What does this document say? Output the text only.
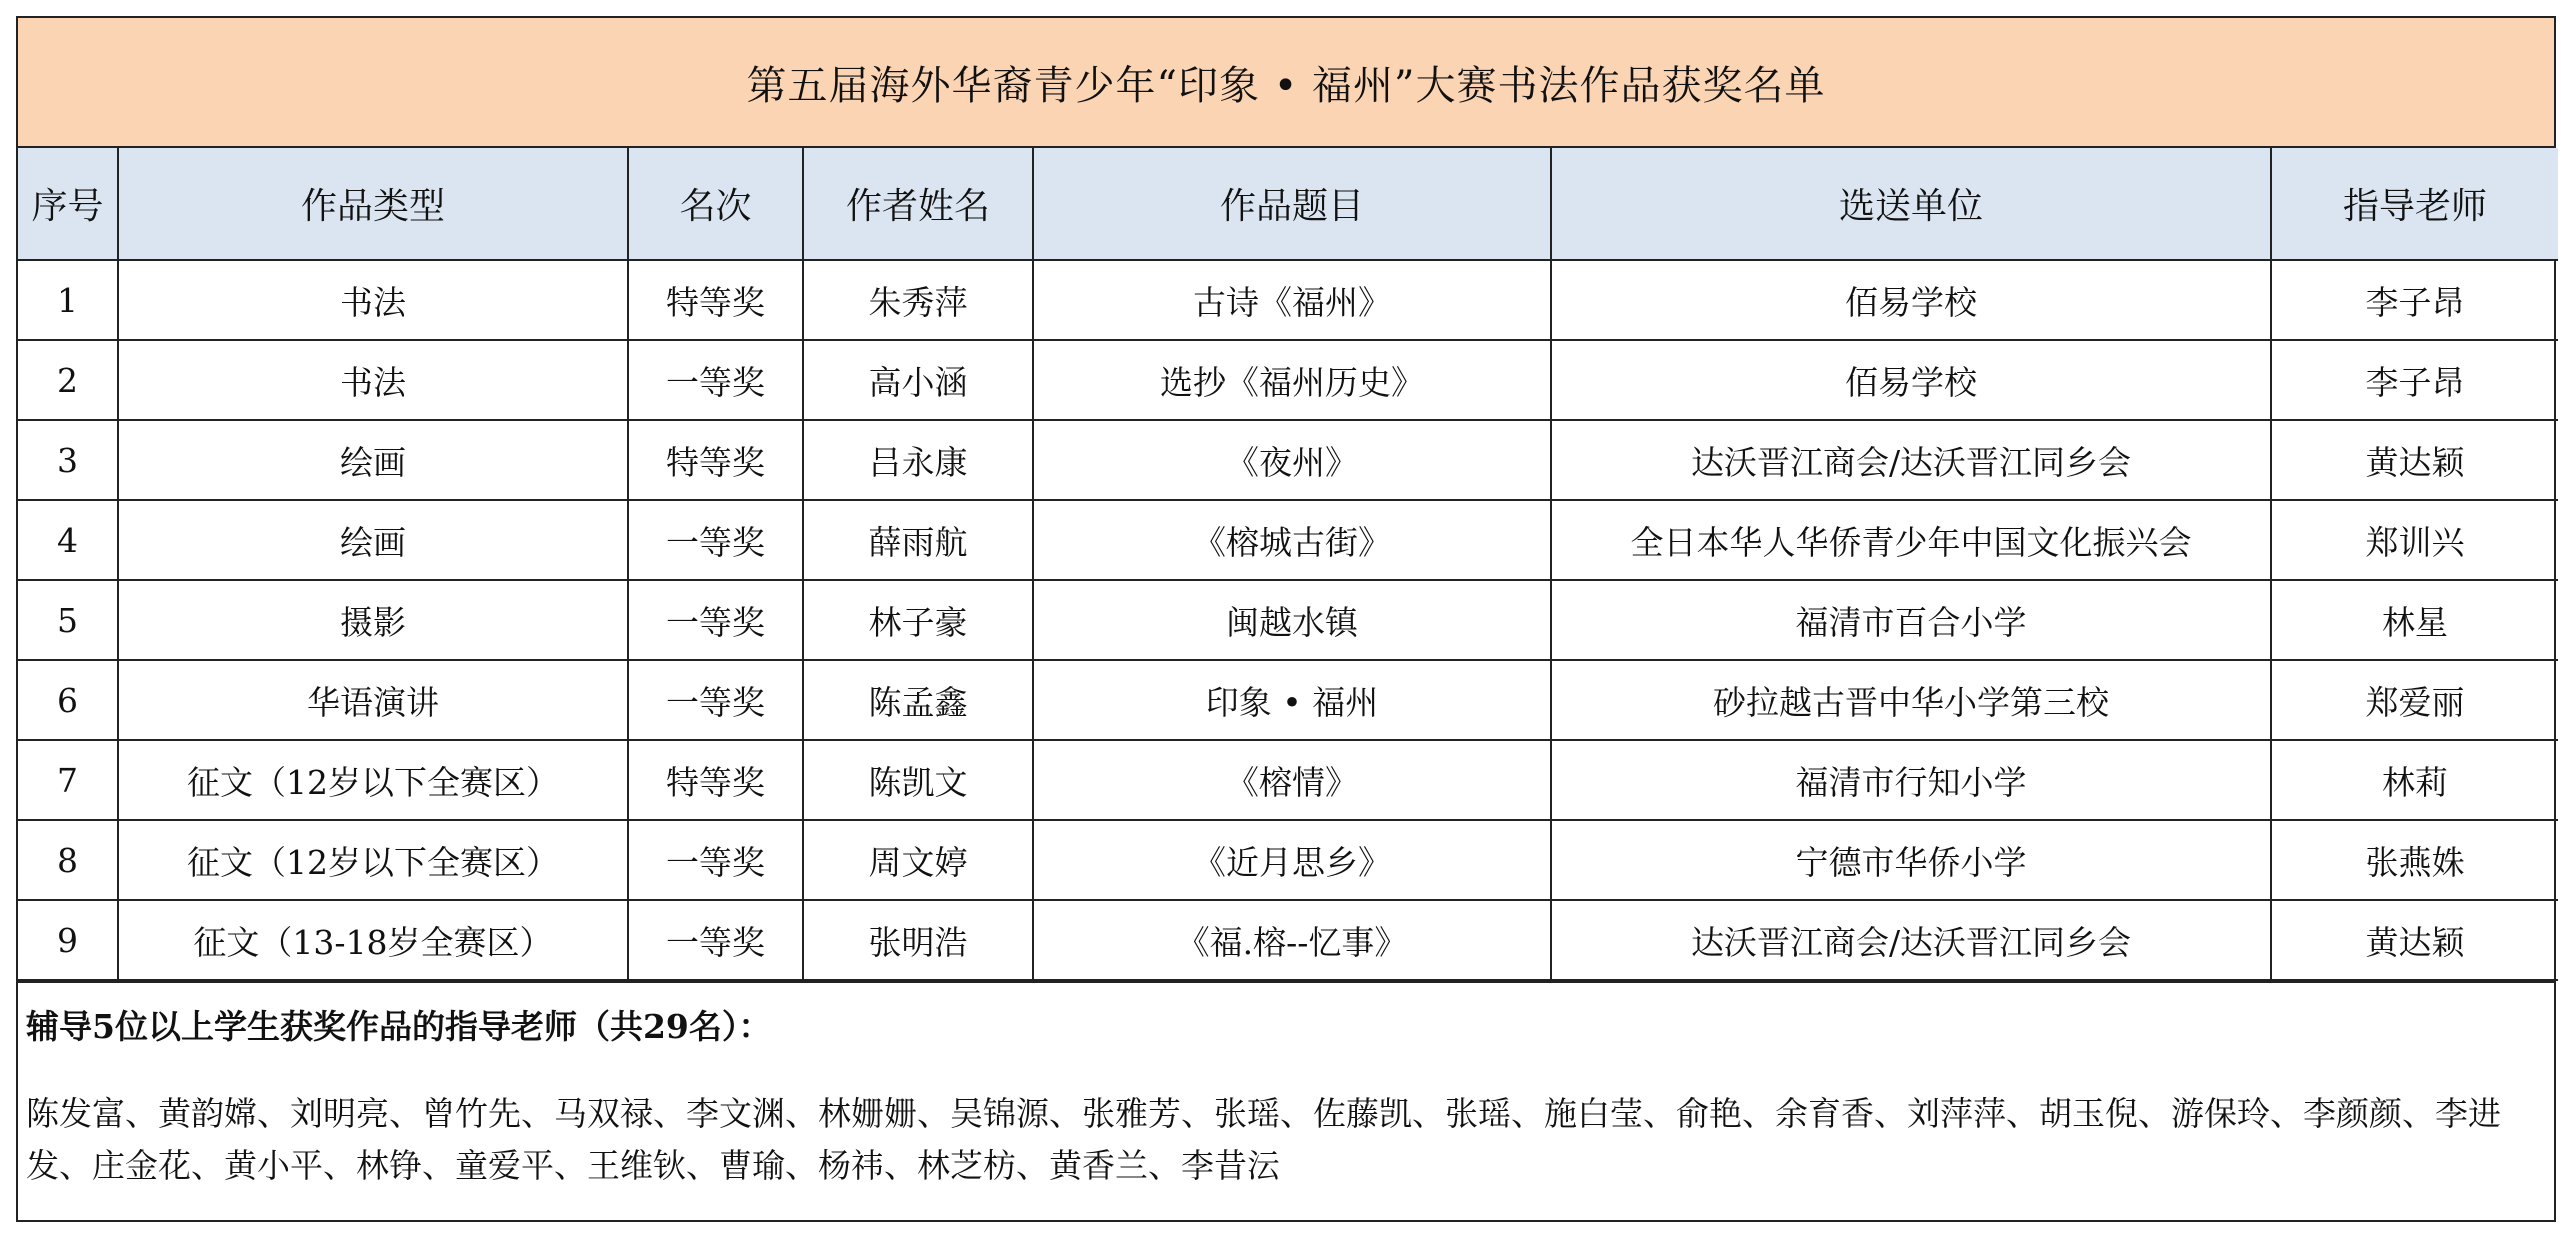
第五届海外华裔青少年“印象 • 福州”大赛书法作品获奖名单
序号	作品类型	名次	作者姓名	作品题目	选送单位	指导老师
1	书法	特等奖	朱秀萍	古诗《福州》	佰易学校	李子昂
2	书法	一等奖	高小涵	选抄《福州历史》	佰易学校	李子昂
3	绘画	特等奖	吕永康	《夜州》	达沃晋江商会/达沃晋江同乡会	黄达颖
4	绘画	一等奖	薛雨航	《榕城古街》	全日本华人华侨青少年中国文化振兴会	郑训兴
5	摄影	一等奖	林子豪	闽越水镇	福清市百合小学	林星
6	华语演讲	一等奖	陈孟鑫	印象 • 福州	砂拉越古晋中华小学第三校	郑爱丽
7	征文（12岁以下全赛区）	特等奖	陈凯文	《榕情》	福清市行知小学	林莉
8	征文（12岁以下全赛区）	一等奖	周文婷	《近月思乡》	宁德市华侨小学	张燕姝
9	征文（13-18岁全赛区）	一等奖	张明浩	《福.榕--忆事》	达沃晋江商会/达沃晋江同乡会	黄达颖
辅导5位以上学生获奖作品的指导老师（共29名）：
陈发富、黄韵嫦、刘明亮、曾竹先、马双禄、李文渊、林姗姗、吴锦源、张雅芳、张瑶、佐藤凯、张瑶、施白莹、俞艳、余育香、刘萍萍、胡玉倪、游保玲、李颜颜、李进发、庄金花、黄小平、林铮、童爱平、王维钬、曹瑜、杨祎、林芝枋、黄香兰、李昔沄
